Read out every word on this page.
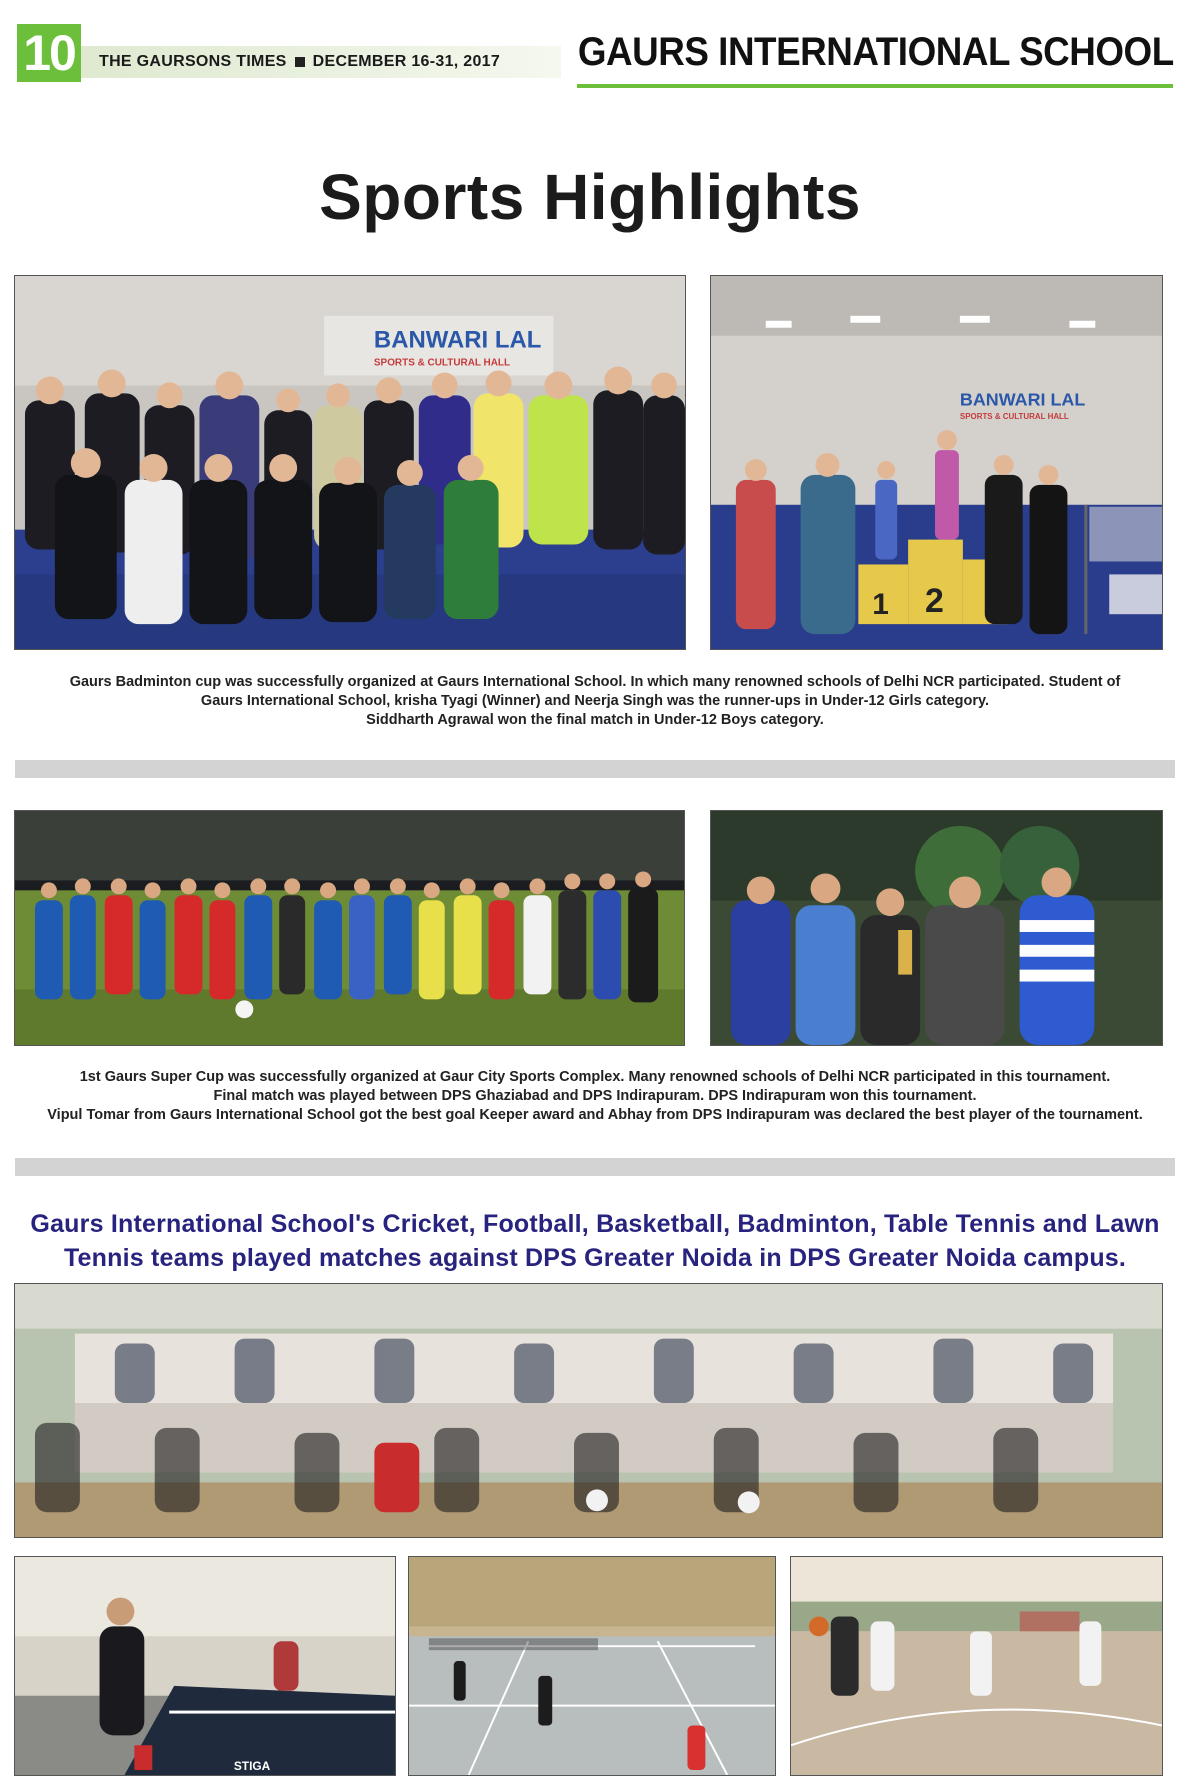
10	THE GAURSONS TIMES DECEMBER 16-31, 2017 GAURS INTERNATIONAL SCHOOL
Sports Highlights
BANWARI LAL
SPORTS & CULTURAL HALL
BANWARI LAL
SPORTS & CULTURAL HALL
1 2
Gaurs Badminton cup was successfully organized at Gaurs International School. In which many renowned schools of Delhi NCR participated. Student of
Gaurs International School, krisha Tyagi (Winner) and Neerja Singh was the runner-ups in Under-12 Girls category.
Siddharth Agrawal won the final match in Under-12 Boys category.
1st Gaurs Super Cup was successfully organized at Gaur City Sports Complex. Many renowned schools of Delhi NCR participated in this tournament.
Final match was played between DPS Ghaziabad and DPS Indirapuram. DPS Indirapuram won this tournament.
Vipul Tomar from Gaurs International School got the best goal Keeper award and Abhay from DPS Indirapuram was declared the best player of the tournament.
Gaurs International School's Cricket, Football, Basketball, Badminton, Table Tennis and Lawn
Tennis teams played matches against DPS Greater Noida in DPS Greater Noida campus.
STIGA
